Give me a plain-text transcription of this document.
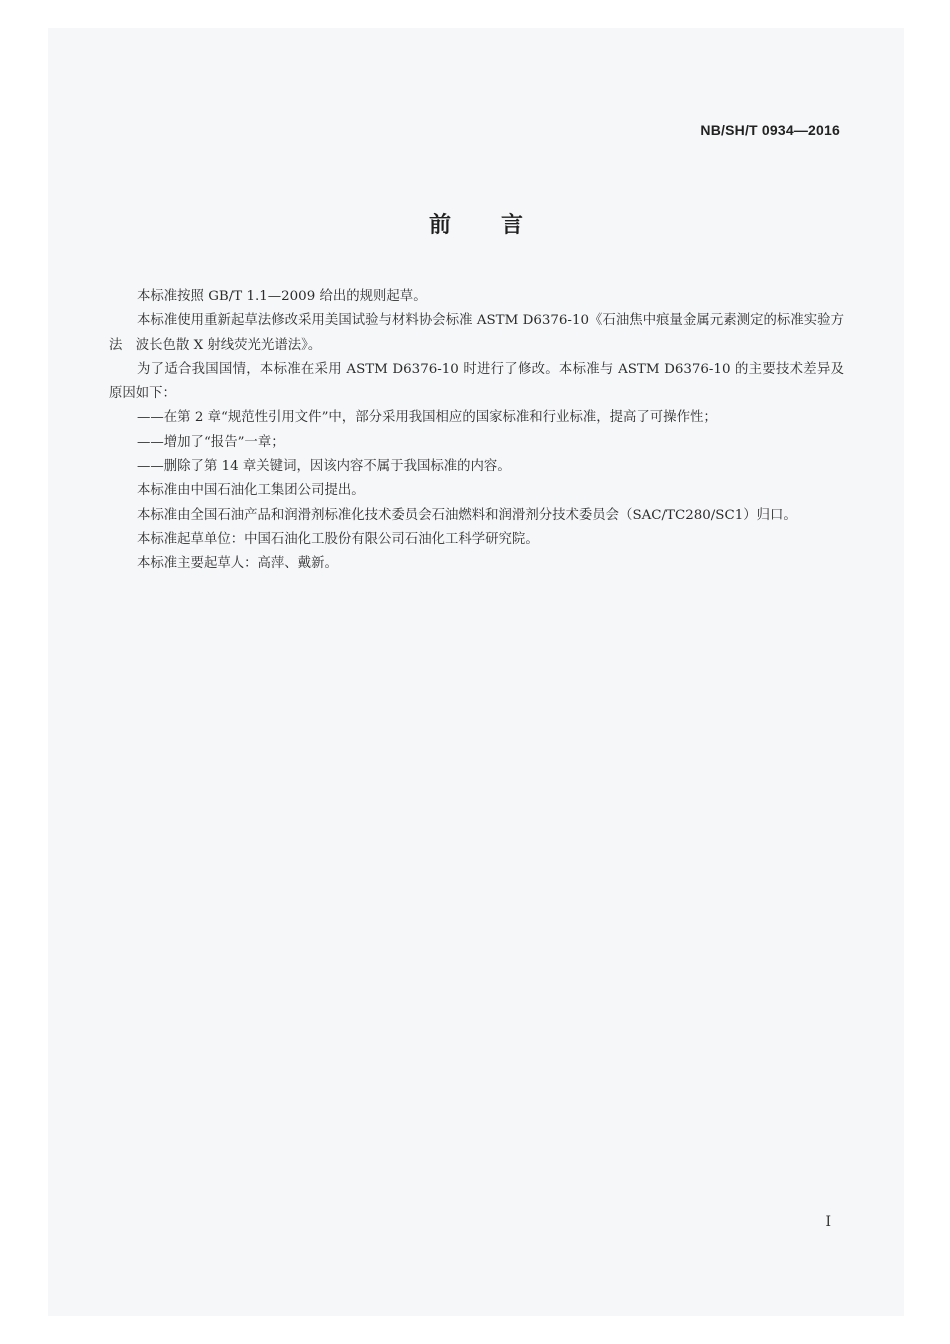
NB/SH/T 0934—2016
前言

本标准按照 GB/T 1.1—2009 给出的规则起草。

本标准使用重新起草法修改采用美国试验与材料协会标准 ASTM D6376-10《石油焦中痕量金属元素测定的标准实验方法　波长色散 X 射线荧光光谱法》。

为了适合我国国情，本标准在采用 ASTM D6376-10 时进行了修改。本标准与 ASTM D6376-10 的主要技术差异及原因如下：

——在第 2 章“规范性引用文件”中，部分采用我国相应的国家标准和行业标准，提高了可操作性；

——增加了“报告”一章；

——删除了第 14 章关键词，因该内容不属于我国标准的内容。

本标准由中国石油化工集团公司提出。

本标准由全国石油产品和润滑剂标准化技术委员会石油燃料和润滑剂分技术委员会（SAC/TC280/SC1）归口。

本标准起草单位：中国石油化工股份有限公司石油化工科学研究院。

本标准主要起草人：高萍、戴新。

I
